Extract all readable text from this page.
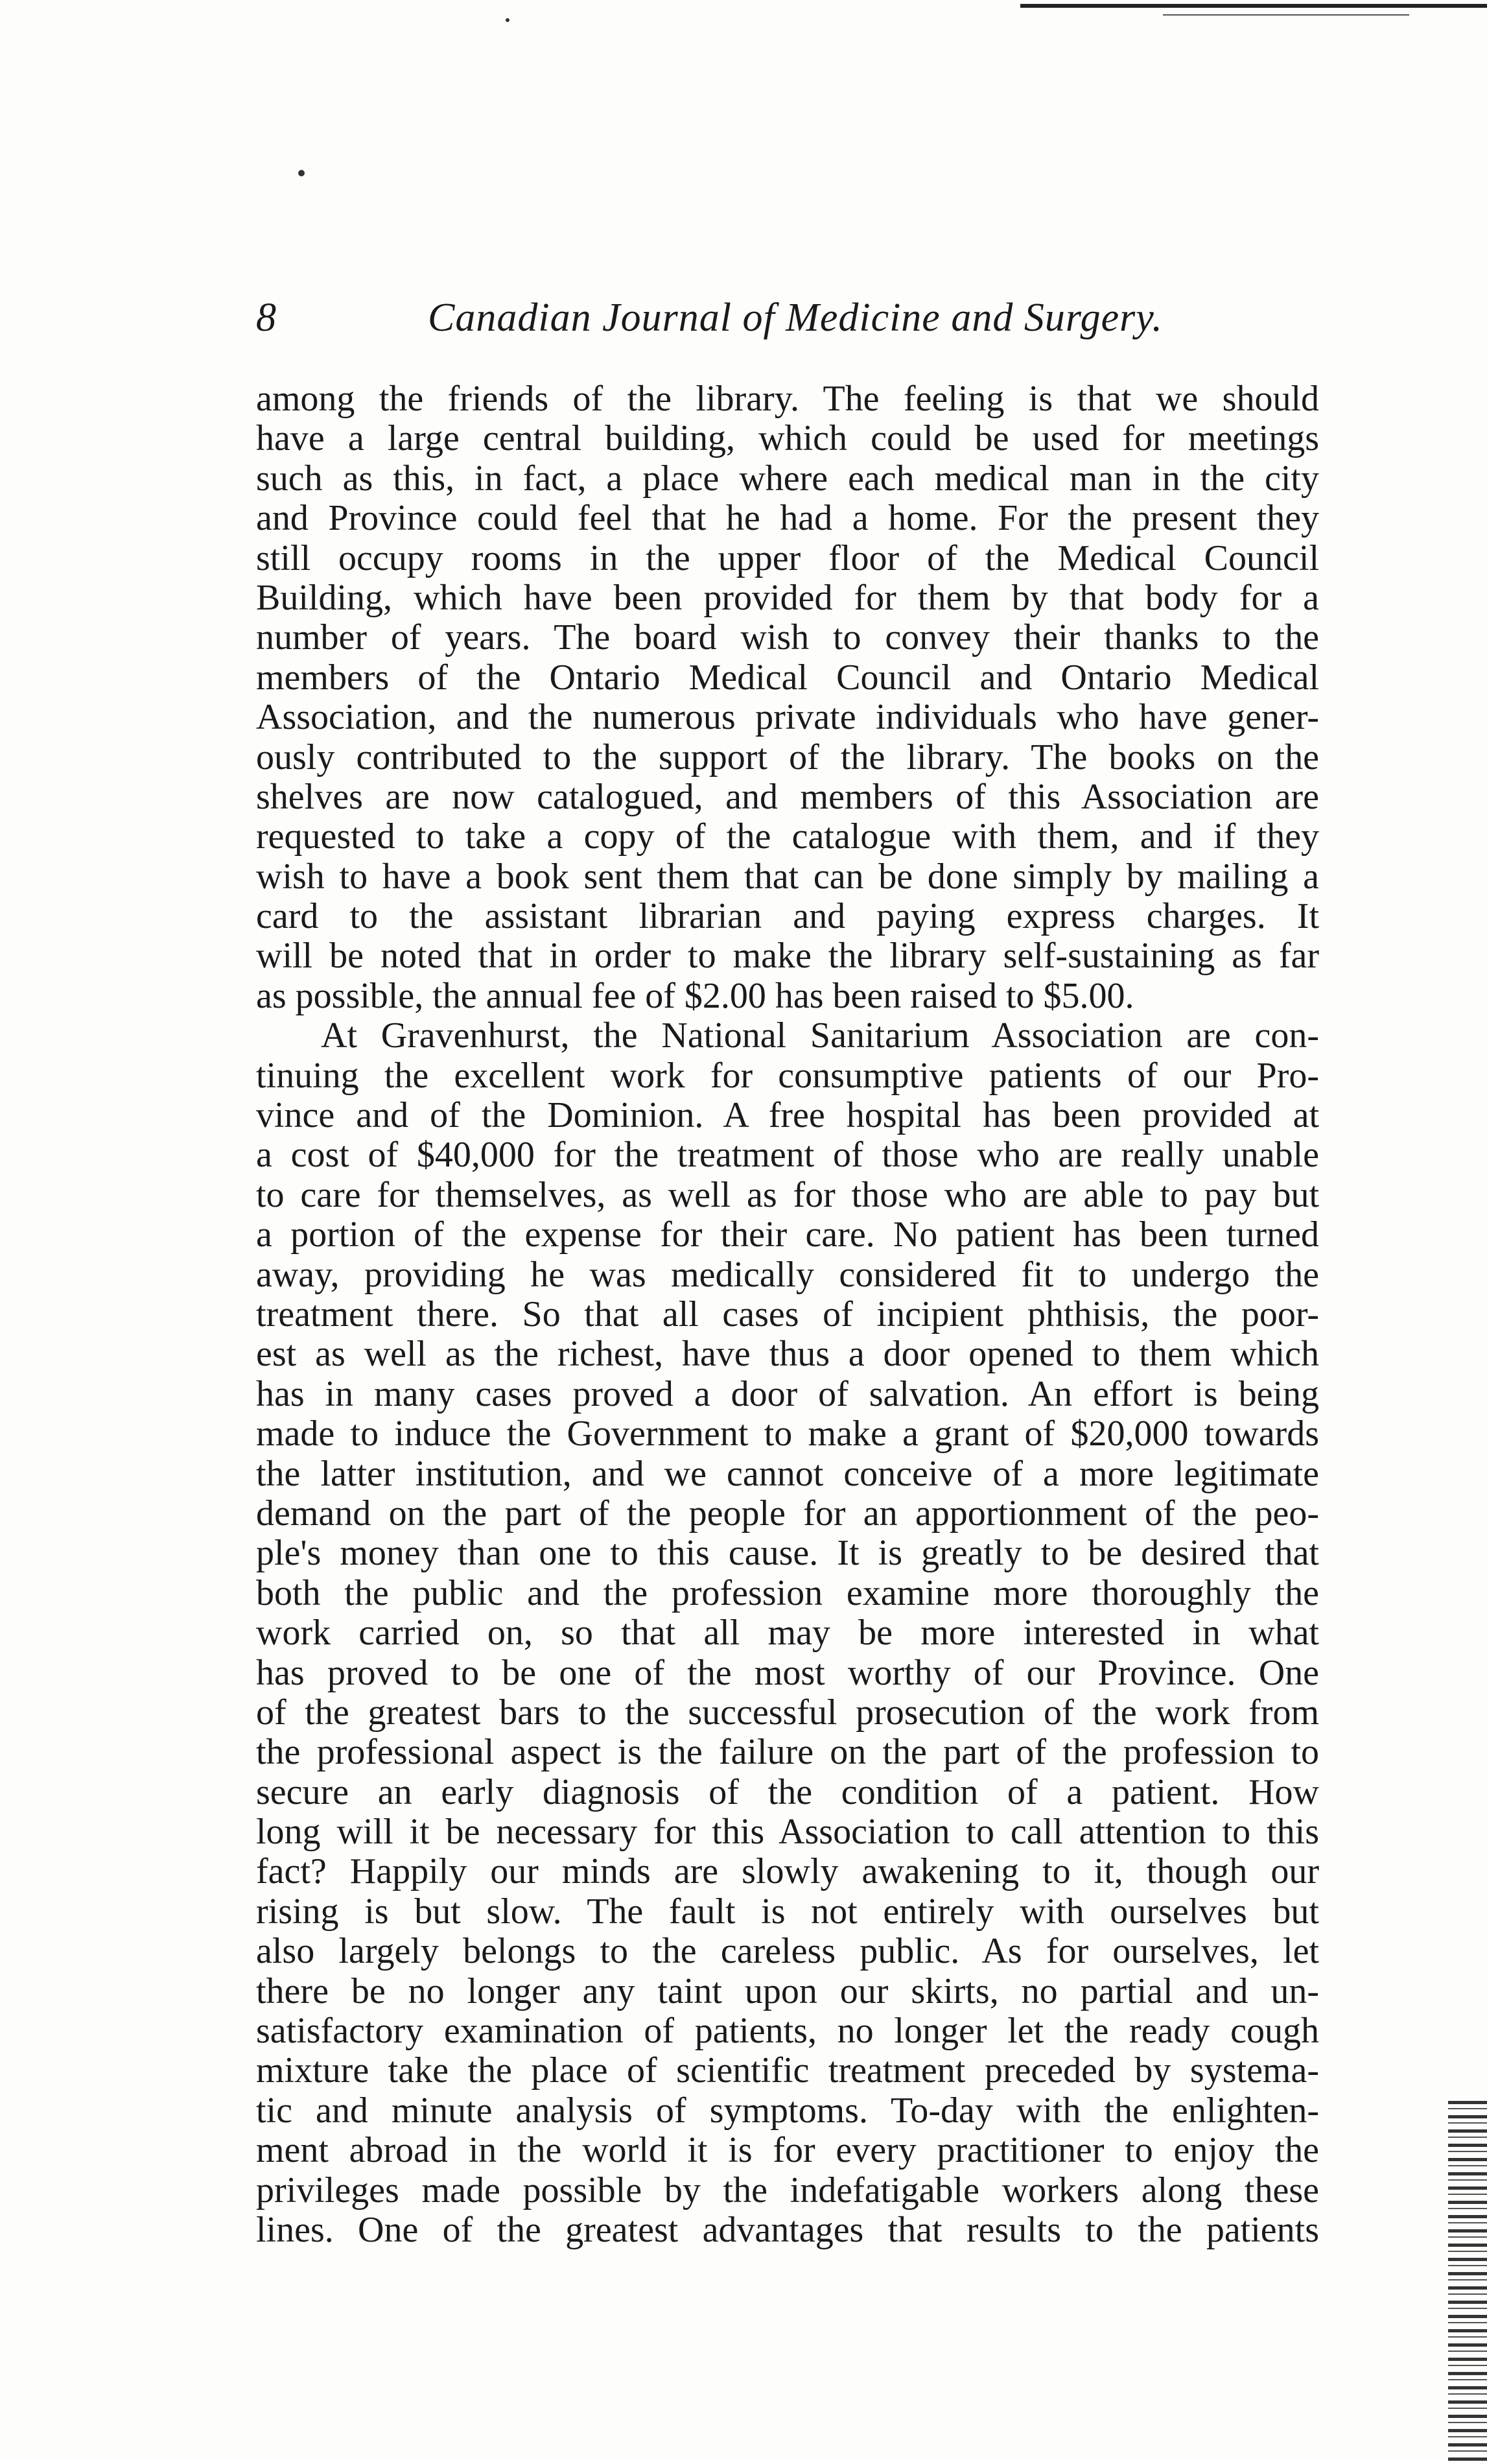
8	Canadian Journal of Medicine and Surgery.
among the friends of the library. The feeling is that we should
have a large central building, which could be used for meetings
such as this, in fact, a place where each medical man in the city
and Province could feel that he had a home. For the present they
still occupy rooms in the upper floor of the Medical Council
Building, which have been provided for them by that body for a
number of years. The board wish to convey their thanks to the
members of the Ontario Medical Council and Ontario Medical
Association, and the numerous private individuals who have gener-
ously contributed to the support of the library. The books on the
shelves are now catalogued, and members of this Association are
requested to take a copy of the catalogue with them, and if they
wish to have a book sent them that can be done simply by mailing a
card to the assistant librarian and paying express charges. It
will be noted that in order to make the library self-sustaining as far
as possible, the annual fee of $2.00 has been raised to $5.00.
At Gravenhurst, the National Sanitarium Association are con-
tinuing the excellent work for consumptive patients of our Pro-
vince and of the Dominion. A free hospital has been provided at
a cost of $40,000 for the treatment of those who are really unable
to care for themselves, as well as for those who are able to pay but
a portion of the expense for their care. No patient has been turned
away, providing he was medically considered fit to undergo the
treatment there. So that all cases of incipient phthisis, the poor-
est as well as the richest, have thus a door opened to them which
has in many cases proved a door of salvation. An effort is being
made to induce the Government to make a grant of $20,000 towards
the latter institution, and we cannot conceive of a more legitimate
demand on the part of the people for an apportionment of the peo-
ple's money than one to this cause. It is greatly to be desired that
both the public and the profession examine more thoroughly the
work carried on, so that all may be more interested in what
has proved to be one of the most worthy of our Province. One
of the greatest bars to the successful prosecution of the work from
the professional aspect is the failure on the part of the profession to
secure an early diagnosis of the condition of a patient. How
long will it be necessary for this Association to call attention to this
fact? Happily our minds are slowly awakening to it, though our
rising is but slow. The fault is not entirely with ourselves but
also largely belongs to the careless public. As for ourselves, let
there be no longer any taint upon our skirts, no partial and un-
satisfactory examination of patients, no longer let the ready cough
mixture take the place of scientific treatment preceded by systema-
tic and minute analysis of symptoms. To-day with the enlighten-
ment abroad in the world it is for every practitioner to enjoy the
privileges made possible by the indefatigable workers along these
lines. One of the greatest advantages that results to the patients
